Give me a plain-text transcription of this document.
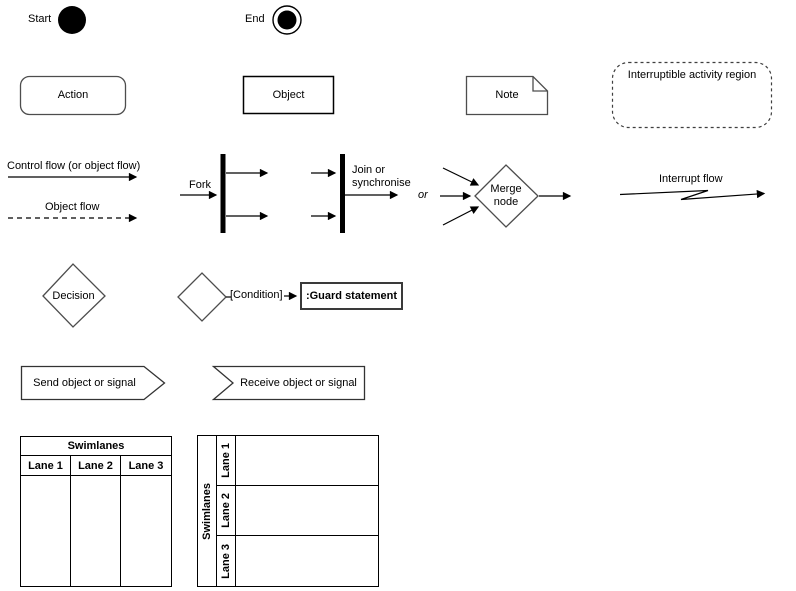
Start	End
Action	Object	Note
Interruptible activity region
Control flow (or object flow)
Object flow
Fork
Join or
synchronise
or	Merge
node
Interrupt flow
Decision	[Condition]	:Guard statement
Send object or signal	Receive object or signal
Swimlanes
Lane 1	Lane 2	Lane 3
Swimlanes
Lane 1
Lane 2
Lane 3
